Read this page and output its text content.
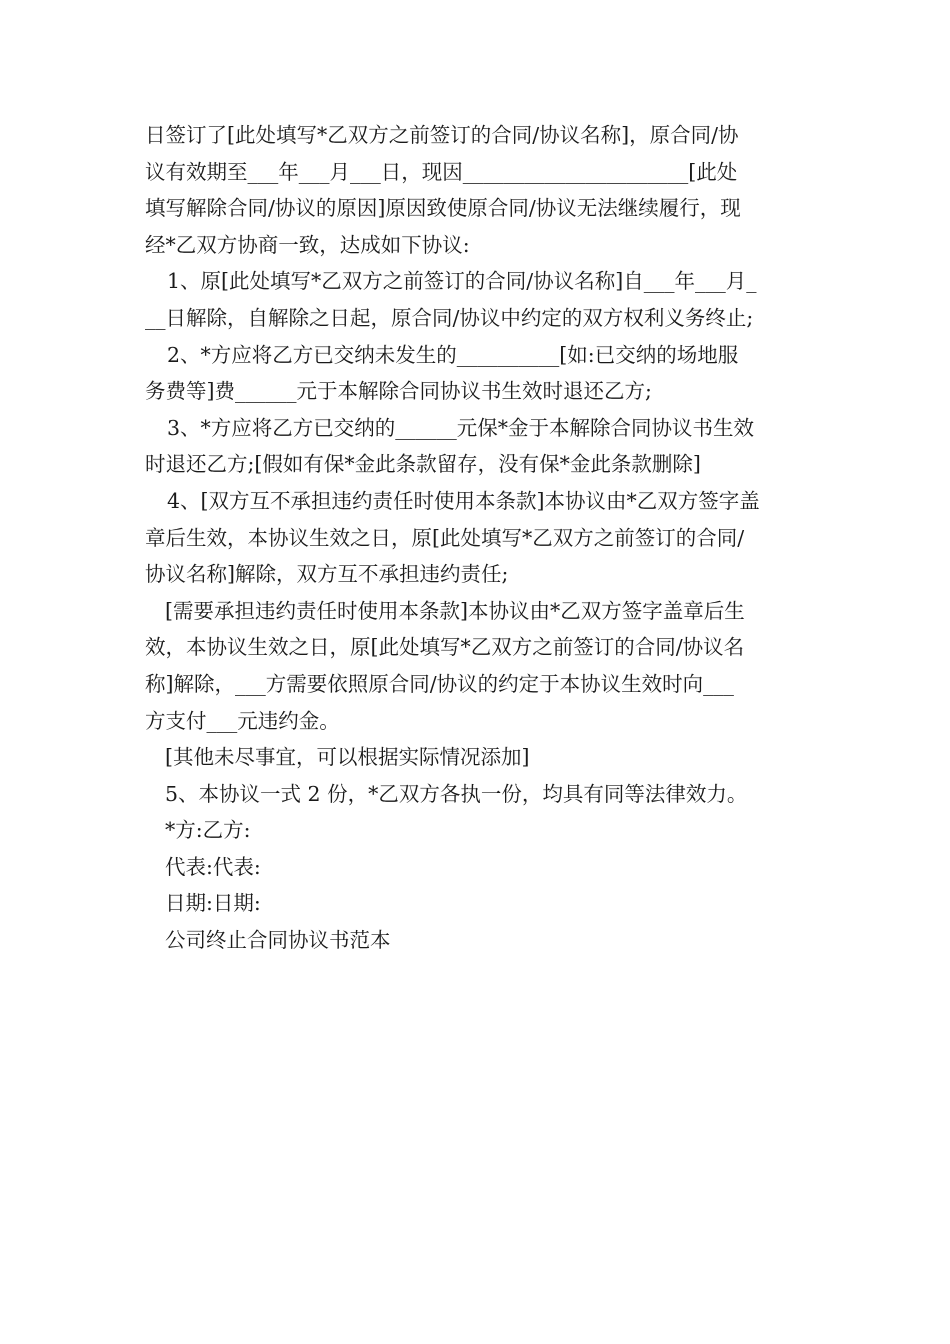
日签订了[此处填写*乙双方之前签订的合同/协议名称]，原合同/协
议有效期至___年___月___日，现因______________________[此处
填写解除合同/协议的原因]原因致使原合同/协议无法继续履行，现
经*乙双方协商一致，达成如下协议:
1、原[此处填写*乙双方之前签订的合同/协议名称]自___年___月_
__日解除，自解除之日起，原合同/协议中约定的双方权利义务终止;
2、*方应将乙方已交纳未发生的__________[如:已交纳的场地服
务费等]费______元于本解除合同协议书生效时退还乙方;
3、*方应将乙方已交纳的______元保*金于本解除合同协议书生效
时退还乙方;[假如有保*金此条款留存，没有保*金此条款删除]
4、[双方互不承担违约责任时使用本条款]本协议由*乙双方签字盖
章后生效，本协议生效之日，原[此处填写*乙双方之前签订的合同/
协议名称]解除，双方互不承担违约责任;
[需要承担违约责任时使用本条款]本协议由*乙双方签字盖章后生
效，本协议生效之日，原[此处填写*乙双方之前签订的合同/协议名
称]解除，___方需要依照原合同/协议的约定于本协议生效时向___
方支付___元违约金。
[其他未尽事宜，可以根据实际情况添加]
5、本协议一式 2 份，*乙双方各执一份，均具有同等法律效力。
*方:乙方:
代表:代表:
日期:日期:
公司终止合同协议书范本
